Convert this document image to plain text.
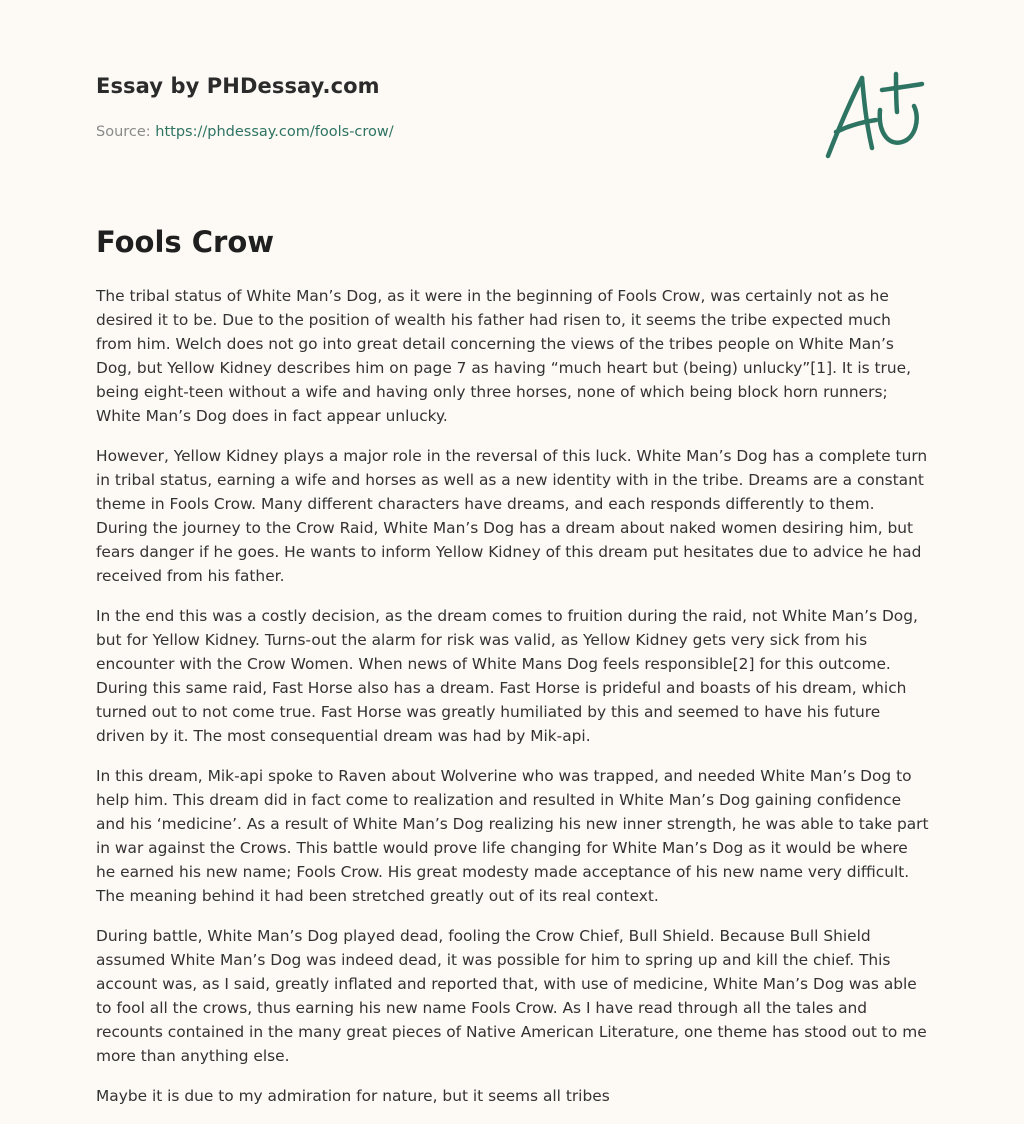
Essay by PHDessay.com
Source: https://phdessay.com/fools-crow/
Fools Crow

The tribal status of White Man’s Dog, as it were in the beginning of Fools Crow, was certainly not as he desired it to be. Due to the position of wealth his father had risen to, it seems the tribe expected much from him. Welch does not go into great detail concerning the views of the tribes people on White Man’s Dog, but Yellow Kidney describes him on page 7 as having “much heart but (being) unlucky”[1]. It is true, being eight-teen without a wife and having only three horses, none of which being block horn runners; White Man’s Dog does in fact appear unlucky.

However, Yellow Kidney plays a major role in the reversal of this luck. White Man’s Dog has a complete turn in tribal status, earning a wife and horses as well as a new identity with in the tribe. Dreams are a constant theme in Fools Crow. Many different characters have dreams, and each responds differently to them. During the journey to the Crow Raid, White Man’s Dog has a dream about naked women desiring him, but fears danger if he goes. He wants to inform Yellow Kidney of this dream put hesitates due to advice he had received from his father.

In the end this was a costly decision, as the dream comes to fruition during the raid, not White Man’s Dog, but for Yellow Kidney. Turns-out the alarm for risk was valid, as Yellow Kidney gets very sick from his encounter with the Crow Women. When news of White Mans Dog feels responsible[2] for this outcome. During this same raid, Fast Horse also has a dream. Fast Horse is prideful and boasts of his dream, which turned out to not come true. Fast Horse was greatly humiliated by this and seemed to have his future driven by it. The most consequential dream was had by Mik-api.

In this dream, Mik-api spoke to Raven about Wolverine who was trapped, and needed White Man’s Dog to help him. This dream did in fact come to realization and resulted in White Man’s Dog gaining confidence and his ‘medicine’. As a result of White Man’s Dog realizing his new inner strength, he was able to take part in war against the Crows. This battle would prove life changing for White Man’s Dog as it would be where he earned his new name; Fools Crow. His great modesty made acceptance of his new name very difficult. The meaning behind it had been stretched greatly out of its real context.

During battle, White Man’s Dog played dead, fooling the Crow Chief, Bull Shield. Because Bull Shield assumed White Man’s Dog was indeed dead, it was possible for him to spring up and kill the chief. This account was, as I said, greatly inflated and reported that, with use of medicine, White Man’s Dog was able to fool all the crows, thus earning his new name Fools Crow. As I have read through all the tales and recounts contained in the many great pieces of Native American Literature, one theme has stood out to me more than anything else.

Maybe it is due to my admiration for nature, but it seems all tribes
